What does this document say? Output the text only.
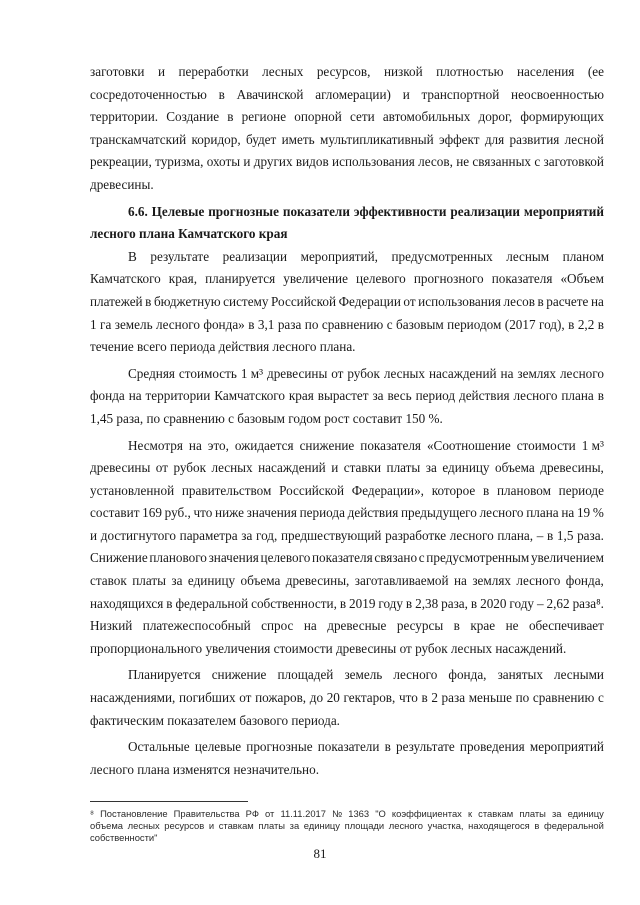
заготовки и переработки лесных ресурсов, низкой плотностью населения (ее
сосредоточенностью в Авачинской агломерации) и транспортной неосвоенностью
территории. Создание в регионе опорной сети автомобильных дорог, формирующих
транскамчатский коридор, будет иметь мультипликативный эффект для развития лесной
рекреации, туризма, охоты и других видов использования лесов, не связанных с заготовкой
древесины.
6.6. Целевые прогнозные показатели эффективности реализации мероприятий
лесного плана Камчатского края
В результате реализации мероприятий, предусмотренных лесным планом
Камчатского края, планируется увеличение целевого прогнозного показателя «Объем
платежей в бюджетную систему Российской Федерации от использования лесов в расчете на
1 га земель лесного фонда» в 3,1 раза по сравнению с базовым периодом (2017 год), в 2,2 в
течение всего периода действия лесного плана.
Средняя стоимость 1 м³ древесины от рубок лесных насаждений на землях лесного
фонда на территории Камчатского края вырастет за весь период действия лесного плана в
1,45 раза, по сравнению с базовым годом рост составит 150 %.
Несмотря на это, ожидается снижение показателя «Соотношение стоимости 1 м³
древесины от рубок лесных насаждений и ставки платы за единицу объема древесины,
установленной правительством Российской Федерации», которое в плановом периоде
составит 169 руб., что ниже значения периода действия предыдущего лесного плана на 19 %
и достигнутого параметра за год, предшествующий разработке лесного плана, – в 1,5 раза.
Снижение планового значения целевого показателя связано с предусмотренным увеличением
ставок платы за единицу объема древесины, заготавливаемой на землях лесного фонда,
находящихся в федеральной собственности, в 2019 году в 2,38 раза, в 2020 году – 2,62 раза⁸.
Низкий платежеспособный спрос на древесные ресурсы в крае не обеспечивает
пропорционального увеличения стоимости древесины от рубок лесных насаждений.
Планируется снижение площадей земель лесного фонда, занятых лесными
насаждениями, погибших от пожаров, до 20 гектаров, что в 2 раза меньше по сравнению с
фактическим показателем базового периода.
Остальные целевые прогнозные показатели в результате проведения мероприятий
лесного плана изменятся незначительно.
⁸ Постановление Правительства РФ от 11.11.2017 № 1363 "О коэффициентах к ставкам платы за единицу
объема лесных ресурсов и ставкам платы за единицу площади лесного участка, находящегося в федеральной
собственности"
81
